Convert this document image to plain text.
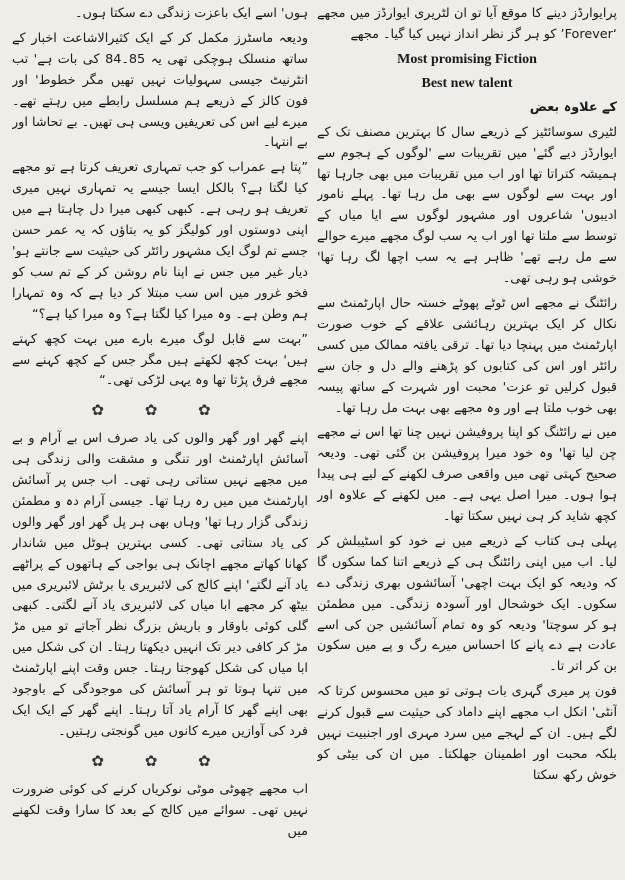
پرایوارڈز دینے کا موقع آیا تو ان لٹریری ایوارڈز میں مجھے ‘Forever’ کو ہر گز نظر انداز نہیں کیا گیا۔ مجھے

Most promising Fiction
Best new talent

کے علاوہ بعض

لٹیری سوسائٹیز کے ذریعے سال کا بہترین مصنف تک کے ایوارڈز دیے گئے' میں تقریبات سے 'لوگوں کے ہجوم سے ہمیشہ کتراتا تھا اور اب میں تقریبات میں بھی جارہا تھا اور بہت سے لوگوں سے بھی مل رہا تھا۔ پہلے نامور ادیبوں' شاعروں اور مشہور لوگوں سے ایا میاں کے توسط سے ملتا تھا اور اب یہ سب لوگ مجھے میرے حوالے سے مل رہے تھے' ظاہر ہے یہ سب اچھا لگ رہا تھا' خوشی ہو رہی تھی۔

رائٹنگ نے مجھے اس ٹوٹے پھوٹے خستہ حال اپارٹمنٹ سے نکال کر ایک بہترین رہائشی علاقے کے خوب صورت اپارٹمنٹ میں پہنچا دیا تھا۔ ترقی یافتہ ممالک میں کسی رائٹر اور اس کی کتابوں کو پڑھنے والے دل و جان سے قبول کرلیں تو عزت' محبت اور شہرت کے ساتھ پیسہ بھی خوب ملتا ہے اور وہ مجھے بھی بہت مل رہا تھا۔

میں نے رائٹنگ کو اپنا پروفیشن نہیں چنا تھا اس نے مجھے چن لیا تھا' وہ خود میرا پروفیشن بن گئی تھی۔ ودیعہ صحیح کہتی تھی میں واقعی صرف لکھنے کے لیے ہی پیدا ہوا ہوں۔ میرا اصل یہی ہے۔ میں لکھنے کے علاوہ اور کچھ شاید کر ہی نہیں سکتا تھا۔

پہلی ہی کتاب کے ذریعے میں نے خود کو اسٹیبلش کر لیا۔ اب میں اپنی رائٹنگ ہی کے ذریعے اتنا کما سکوں گا کہ ودیعہ کو ایک بہت اچھی' آسائشوں بھری زندگی دے سکوں۔ ایک خوشحال اور آسودہ زندگی۔ میں مطمئن ہو کر سوچتا' ودیعہ کو وہ تمام آسائشیں جن کی اسے عادت ہے دے پانے کا احساس میرے رگ و پے میں سکون بن کر اتر تا۔

فون پر میری گہری بات ہوتی تو میں محسوس کرتا کہ آنٹی' انکل اب مجھے اپنے داماد کی حیثیت سے قبول کرنے لگے ہیں۔ ان کے لہجے میں سرد مہری اور اجنبیت نہیں بلکہ محبت اور اطمینان جھلکتا۔ میں ان کی بیٹی کو خوش رکھ سکتا

ہوں' اسے ایک باعزت زندگی دے سکتا ہوں۔

ودیعہ ماسٹرز مکمل کر کے ایک کثیرالاشاعت اخبار کے ساتھ منسلک ہوچکی تھی یہ 85۔84 کی بات ہے' تب انٹرنیٹ جیسی سہولیات نہیں تھیں مگر خطوط' اور فون کالز کے ذریعے ہم مسلسل رابطے میں رہتے تھے۔ میرے لیے اس کی تعریفیں ویسی ہی تھیں۔ بے تحاشا اور بے انتہا۔

”پتا ہے عمراب کو جب تمہاری تعریف کرتا ہے تو مجھے کیا لگتا ہے؟ بالکل ایسا جیسے یہ تمہاری نہیں میری تعریف ہو رہی ہے۔ کبھی کبھی میرا دل چاہتا ہے میں اپنی دوستوں اور کولیگز کو یہ بتاؤں کہ یہ عمر حسن جسے تم لوگ ایک مشہور رائٹر کی حیثیت سے جانتے ہو' دیار غیر میں جس نے اپنا نام روشن کر کے تم سب کو فخو غرور میں اس سب مبتلا کر دیا ہے کہ وہ تمہارا ہم وطن ہے۔ وہ میرا کیا لگتا ہے؟ وہ میرا کیا ہے؟“

”بہت سے قابل لوگ میرے بارے میں بہت کچھ کہتے ہیں' بہت کچھ لکھتے ہیں مگر جس کے کچھ کہنے سے مجھے فرق پڑتا تھا وہ یہی لڑکی تھی۔“

✿ ✿ ✿

اپنے گھر اور گھر والوں کی یاد صرف اس بے آرام و بے آسائش اپارٹمنٹ اور تنگی و مشقت والی زندگی ہی میں مجھے نہیں ستاتی رہی تھی۔ اب جس پر آسائش اپارٹمنٹ میں میں رہ رہا تھا۔ جیسی آرام دہ و مطمئن زندگی گزار رہا تھا' وہاں بھی ہر پل گھر اور گھر والوں کی یاد ستاتی تھی۔ کسی بہترین ہوٹل میں شاندار کھانا کھاتے مجھے اچانک ہی بواجی کے ہاتھوں کے پراٹھے یاد آنے لگتے' اپنے کالج کی لائبریری یا برٹش لائبریری میں بیٹھ کر مجھے ابا میاں کی لائبریری یاد آنے لگتی۔ کبھی گلی کوئی باوقار و باریش بزرگ نظر آجاتے تو میں مڑ مڑ کر کافی دیر تک انہیں دیکھتا رہتا۔ ان کی شکل میں ابا میاں کی شکل کھوجتا رہتا۔ جس وقت اپنے اپارٹمنٹ میں تنہا ہوتا تو ہر آسائش کی موجودگی کے باوجود بھی اپنے گھر کا آرام یاد آتا رہتا۔ اپنے گھر کے ایک ایک فرد کی آوازیں میرے کانوں میں گونجتی رہتیں۔

✿ ✿ ✿

اب مجھے چھوٹی موٹی نوکریاں کرنے کی کوئی ضرورت نہیں تھی۔ سوائے میں کالج کے بعد کا سارا وقت لکھنے میں
